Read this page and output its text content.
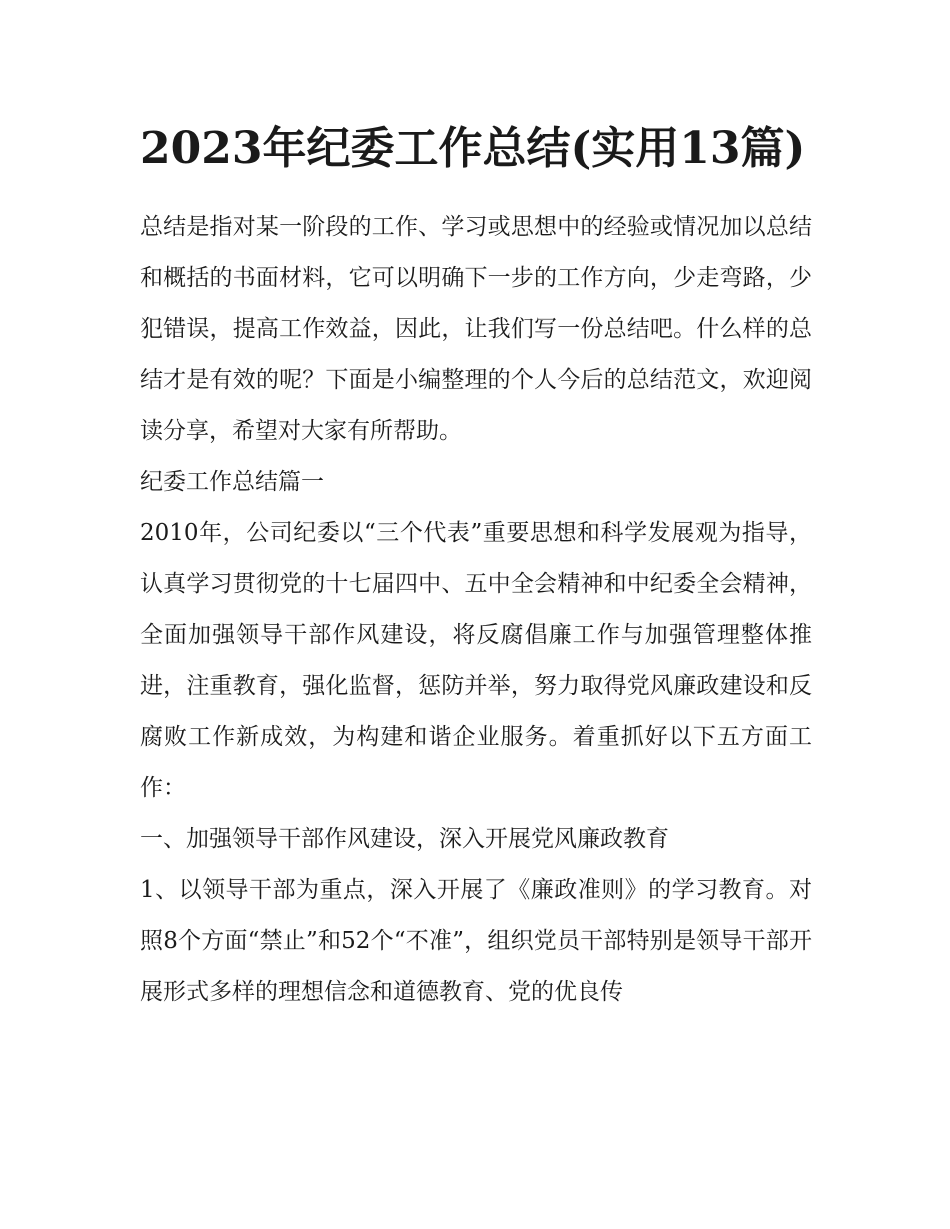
2023年纪委工作总结(实用13篇)

总结是指对某一阶段的工作、学习或思想中的经验或情况加以总结和概括的书面材料，它可以明确下一步的工作方向，少走弯路，少犯错误，提高工作效益，因此，让我们写一份总结吧。什么样的总结才是有效的呢？下面是小编整理的个人今后的总结范文，欢迎阅读分享，希望对大家有所帮助。

纪委工作总结篇一

2010年，公司纪委以“三个代表”重要思想和科学发展观为指导，认真学习贯彻党的十七届四中、五中全会精神和中纪委全会精神，全面加强领导干部作风建设，将反腐倡廉工作与加强管理整体推进，注重教育，强化监督，惩防并举，努力取得党风廉政建设和反腐败工作新成效，为构建和谐企业服务。着重抓好以下五方面工作：

一、加强领导干部作风建设，深入开展党风廉政教育

1、以领导干部为重点，深入开展了《廉政准则》的学习教育。对照8个方面“禁止”和52个“不准”，组织党员干部特别是领导干部开展形式多样的理想信念和道德教育、党的优良传
